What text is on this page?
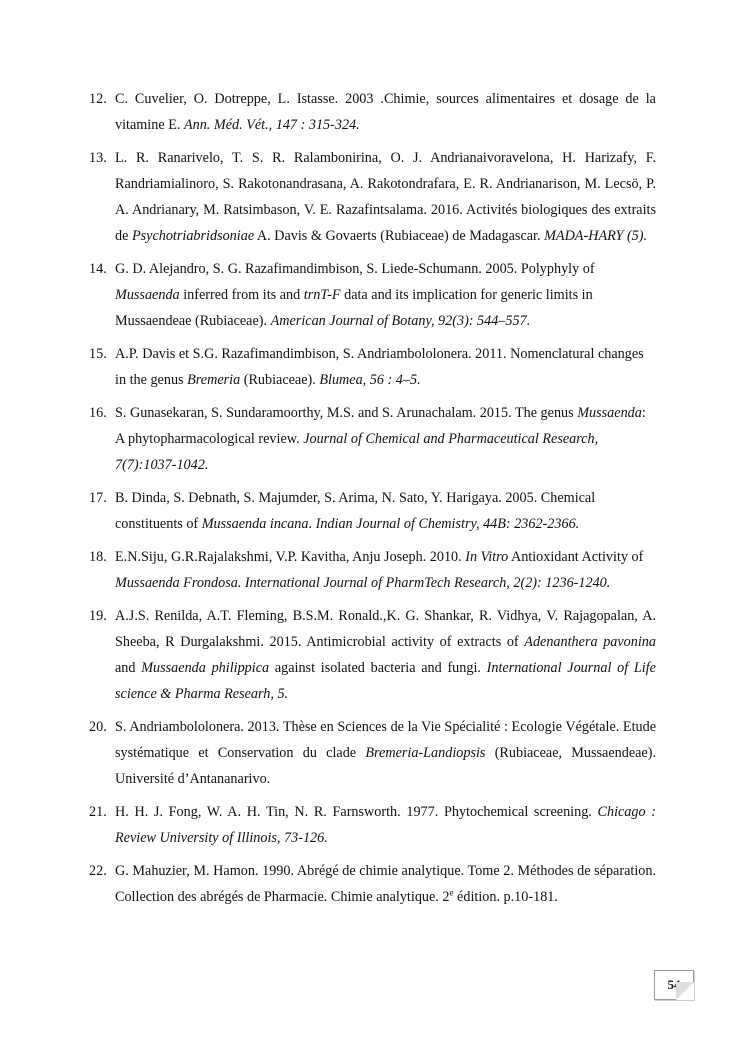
12. C. Cuvelier, O. Dotreppe, L. Istasse. 2003 .Chimie, sources alimentaires et dosage de la vitamine E. Ann. Méd. Vét., 147 : 315-324.
13. L. R. Ranarivelo, T. S. R. Ralambonirina, O. J. Andrianaivoravelona, H. Harizafy, F. Randriamialinoro, S. Rakotonandrasana, A. Rakotondrafara, E. R. Andrianarison, M. Lecsö, P. A. Andrianary, M. Ratsimbason, V. E. Razafintsalama. 2016. Activités biologiques des extraits de Psychotriabridsoniae A. Davis & Govaerts (Rubiaceae) de Madagascar. MADA-HARY (5).
14. G. D. Alejandro, S. G. Razafimandimbison, S. Liede-Schumann. 2005. Polyphyly of Mussaenda inferred from its and trnT-F data and its implication for generic limits in Mussaendeae (Rubiaceae). American Journal of Botany, 92(3): 544–557.
15. A.P. Davis et S.G. Razafimandimbison, S. Andriambololonera. 2011. Nomenclatural changes in the genus Bremeria (Rubiaceae). Blumea, 56 : 4–5.
16. S. Gunasekaran, S. Sundaramoorthy, M.S. and S. Arunachalam. 2015. The genus Mussaenda: A phytopharmacological review. Journal of Chemical and Pharmaceutical Research, 7(7):1037-1042.
17. B. Dinda, S. Debnath, S. Majumder, S. Arima, N. Sato, Y. Harigaya. 2005. Chemical constituents of Mussaenda incana. Indian Journal of Chemistry, 44B: 2362-2366.
18. E.N.Siju, G.R.Rajalakshmi, V.P. Kavitha, Anju Joseph. 2010. In Vitro Antioxidant Activity of Mussaenda Frondosa. International Journal of PharmTech Research, 2(2): 1236-1240.
19. A.J.S. Renilda, A.T. Fleming, B.S.M. Ronald.,K. G. Shankar, R. Vidhya, V. Rajagopalan, A. Sheeba, R Durgalakshmi. 2015. Antimicrobial activity of extracts of Adenanthera pavonina and Mussaenda philippica against isolated bacteria and fungi. International Journal of Life science & Pharma Researh, 5.
20. S. Andriambololonera. 2013. Thèse en Sciences de la Vie Spécialité : Ecologie Végétale. Etude systématique et Conservation du clade Bremeria-Landiopsis (Rubiaceae, Mussaendeae). Université d’Antananarivo.
21. H. H. J. Fong, W. A. H. Tin, N. R. Farnsworth. 1977. Phytochemical screening. Chicago : Review University of Illinois, 73-126.
22. G. Mahuzier, M. Hamon. 1990. Abrégé de chimie analytique. Tome 2. Méthodes de séparation. Collection des abrégés de Pharmacie. Chimie analytique. 2e édition. p.10-181.
54
